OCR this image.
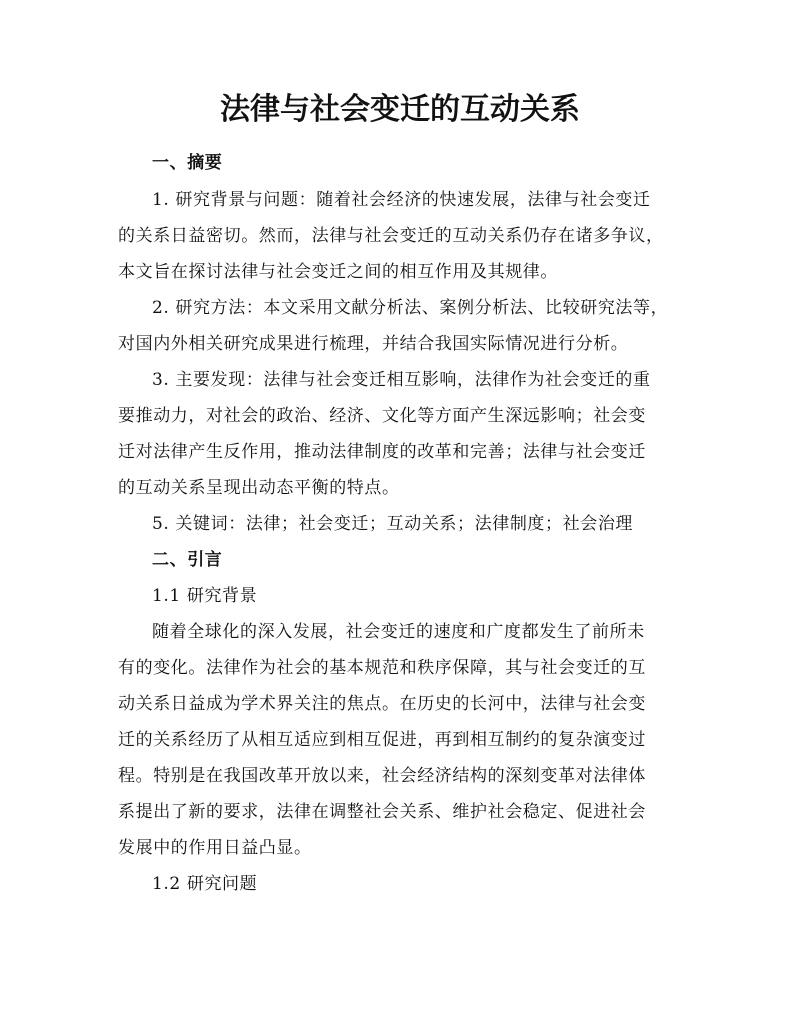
法律与社会变迁的互动关系
一、摘要
1. 研究背景与问题：随着社会经济的快速发展，法律与社会变迁
的关系日益密切。然而，法律与社会变迁的互动关系仍存在诸多争议，
本文旨在探讨法律与社会变迁之间的相互作用及其规律。
2. 研究方法：本文采用文献分析法、案例分析法、比较研究法等，
对国内外相关研究成果进行梳理，并结合我国实际情况进行分析。
3. 主要发现：法律与社会变迁相互影响，法律作为社会变迁的重
要推动力，对社会的政治、经济、文化等方面产生深远影响；社会变
迁对法律产生反作用，推动法律制度的改革和完善；法律与社会变迁
的互动关系呈现出动态平衡的特点。
5. 关键词：法律；社会变迁；互动关系；法律制度；社会治理
二、引言
1.1 研究背景
随着全球化的深入发展，社会变迁的速度和广度都发生了前所未
有的变化。法律作为社会的基本规范和秩序保障，其与社会变迁的互
动关系日益成为学术界关注的焦点。在历史的长河中，法律与社会变
迁的关系经历了从相互适应到相互促进，再到相互制约的复杂演变过
程。特别是在我国改革开放以来，社会经济结构的深刻变革对法律体
系提出了新的要求，法律在调整社会关系、维护社会稳定、促进社会
发展中的作用日益凸显。
1.2 研究问题
